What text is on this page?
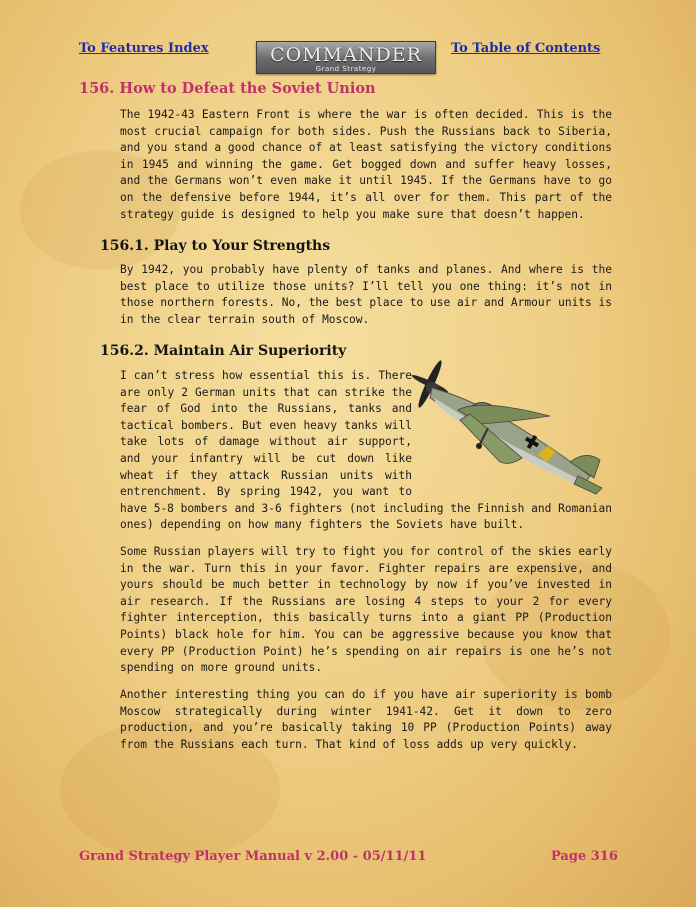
To Features Index	COMMANDER
Grand Strategy
To Table of Contents
156. How to Defeat the Soviet Union

The 1942-43 Eastern Front is where the war is often decided. This is the most crucial campaign for both sides. Push the Russians back to Siberia, and you stand a good chance of at least satisfying the victory conditions in 1945 and winning the game. Get bogged down and suffer heavy losses, and the Germans won’t even make it until 1945. If the Germans have to go on the defensive before 1944, it’s all over for them. This part of the strategy guide is designed to help you make sure that doesn’t happen.

156.1. Play to Your Strengths

By 1942, you probably have plenty of tanks and planes. And where is the best place to utilize those units? I’ll tell you one thing: it’s not in those northern forests. No, the best place to use air and Armour units is in the clear terrain south of Moscow.

156.2. Maintain Air Superiority

I can’t stress how essential this is. There are only 2 German units that can strike the fear of God into the Russians, tanks and tactical bombers. But even heavy tanks will take lots of damage without air support, and your infantry will be cut down like wheat if they attack Russian units with entrenchment. By spring 1942, you want to have 5-8 bombers and 3-6 fighters (not including the Finnish and Romanian ones) depending on how many fighters the Soviets have built.

Some Russian players will try to fight you for control of the skies early in the war. Turn this in your favor. Fighter repairs are expensive, and yours should be much better in technology by now if you’ve invested in air research. If the Russians are losing 4 steps to your 2 for every fighter interception, this basically turns into a giant PP (Production Points) black hole for him. You can be aggressive because you know that every PP (Production Point) he’s spending on air repairs is one he’s not spending on more ground units.

Another interesting thing you can do if you have air superiority is bomb Moscow strategically during winter 1941-42. Get it down to zero production, and you’re basically taking 10 PP (Production Points) away from the Russians each turn. That kind of loss adds up very quickly.

Grand Strategy Player Manual v 2.00 - 05/11/11	Page 316
